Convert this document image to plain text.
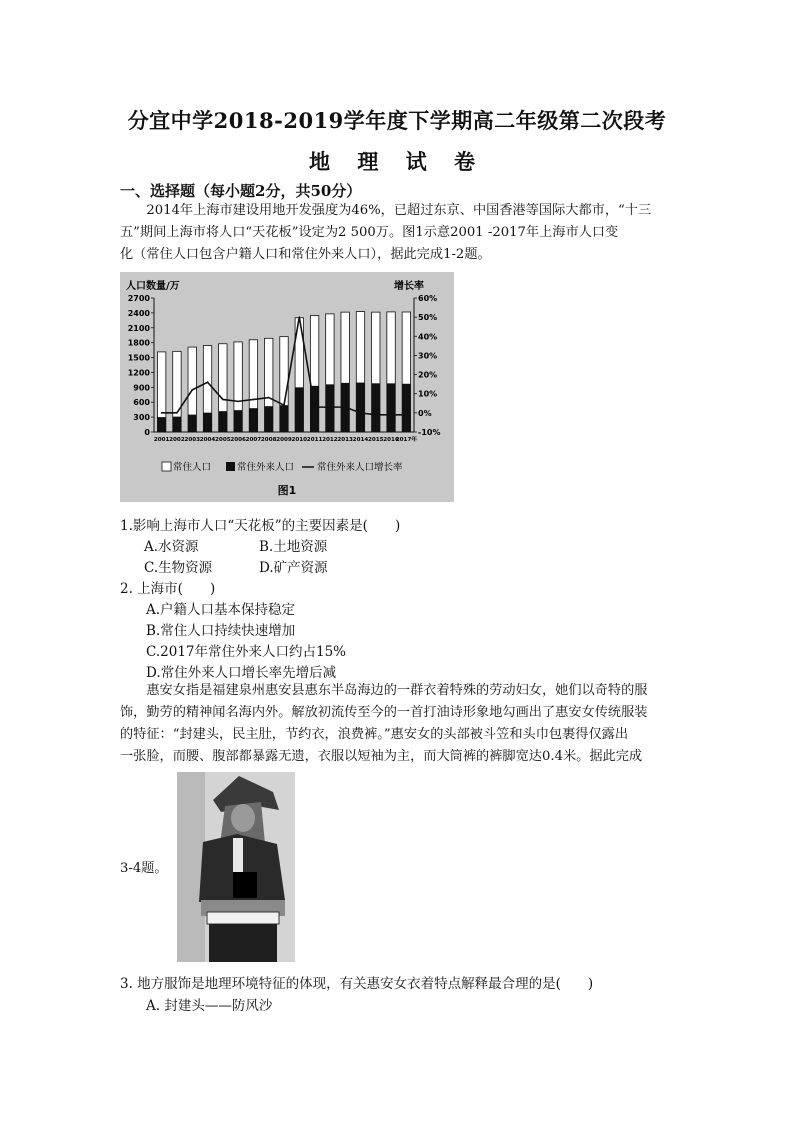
分宜中学2018-2019学年度下学期高二年级第二次段考
地 理 试 卷
一、选择题（每小题2分，共50分）
　　2014年上海市建设用地开发强度为46%，已超过东京、中国香港等国际大都市，“十三
五”期间上海市将人口“天花板”设定为2 500万。图1示意2001 -2017年上海市人口变
化（常住人口包含户籍人口和常住外来人口），据此完成1-2题。
人口数量/万	增长率
2700
2400
2100
1800
1500
1200
900
600
300
0
60%
50%
40%
30%
20%
10%
0%
-10%
2001 2002 2003 2004 2005 2006 2007 2008 2009 2010 2011 2012 2013 2014 2015 2016
2017年
常住人口	常住外来人口 常住外来人口增长率
图1
1.影响上海市人口“天花板”的主要因素是(　　)
A.水资源	B.土地资源
C.生物资源	D.矿产资源
2. 上海市(　　)
A.户籍人口基本保持稳定
B.常住人口持续快速增加
C.2017年常住外来人口约占15%
D.常住外来人口增长率先增后减
　　惠安女指是福建泉州惠安县惠东半岛海边的一群衣着特殊的劳动妇女，她们以奇特的服
饰，勤劳的精神闻名海内外。解放初流传至今的一首打油诗形象地勾画出了惠安女传统服装
的特征：“封建头，民主肚，节约衣，浪费裤。”惠安女的头部被斗笠和头巾包裹得仅露出
一张脸，而腰、腹部都暴露无遗，衣服以短袖为主，而大筒裤的裤脚宽达0.4米。据此完成
3-4题。
3. 地方服饰是地理环境特征的体现，有关惠安女衣着特点解释最合理的是(　　)
A. 封建头——防风沙
